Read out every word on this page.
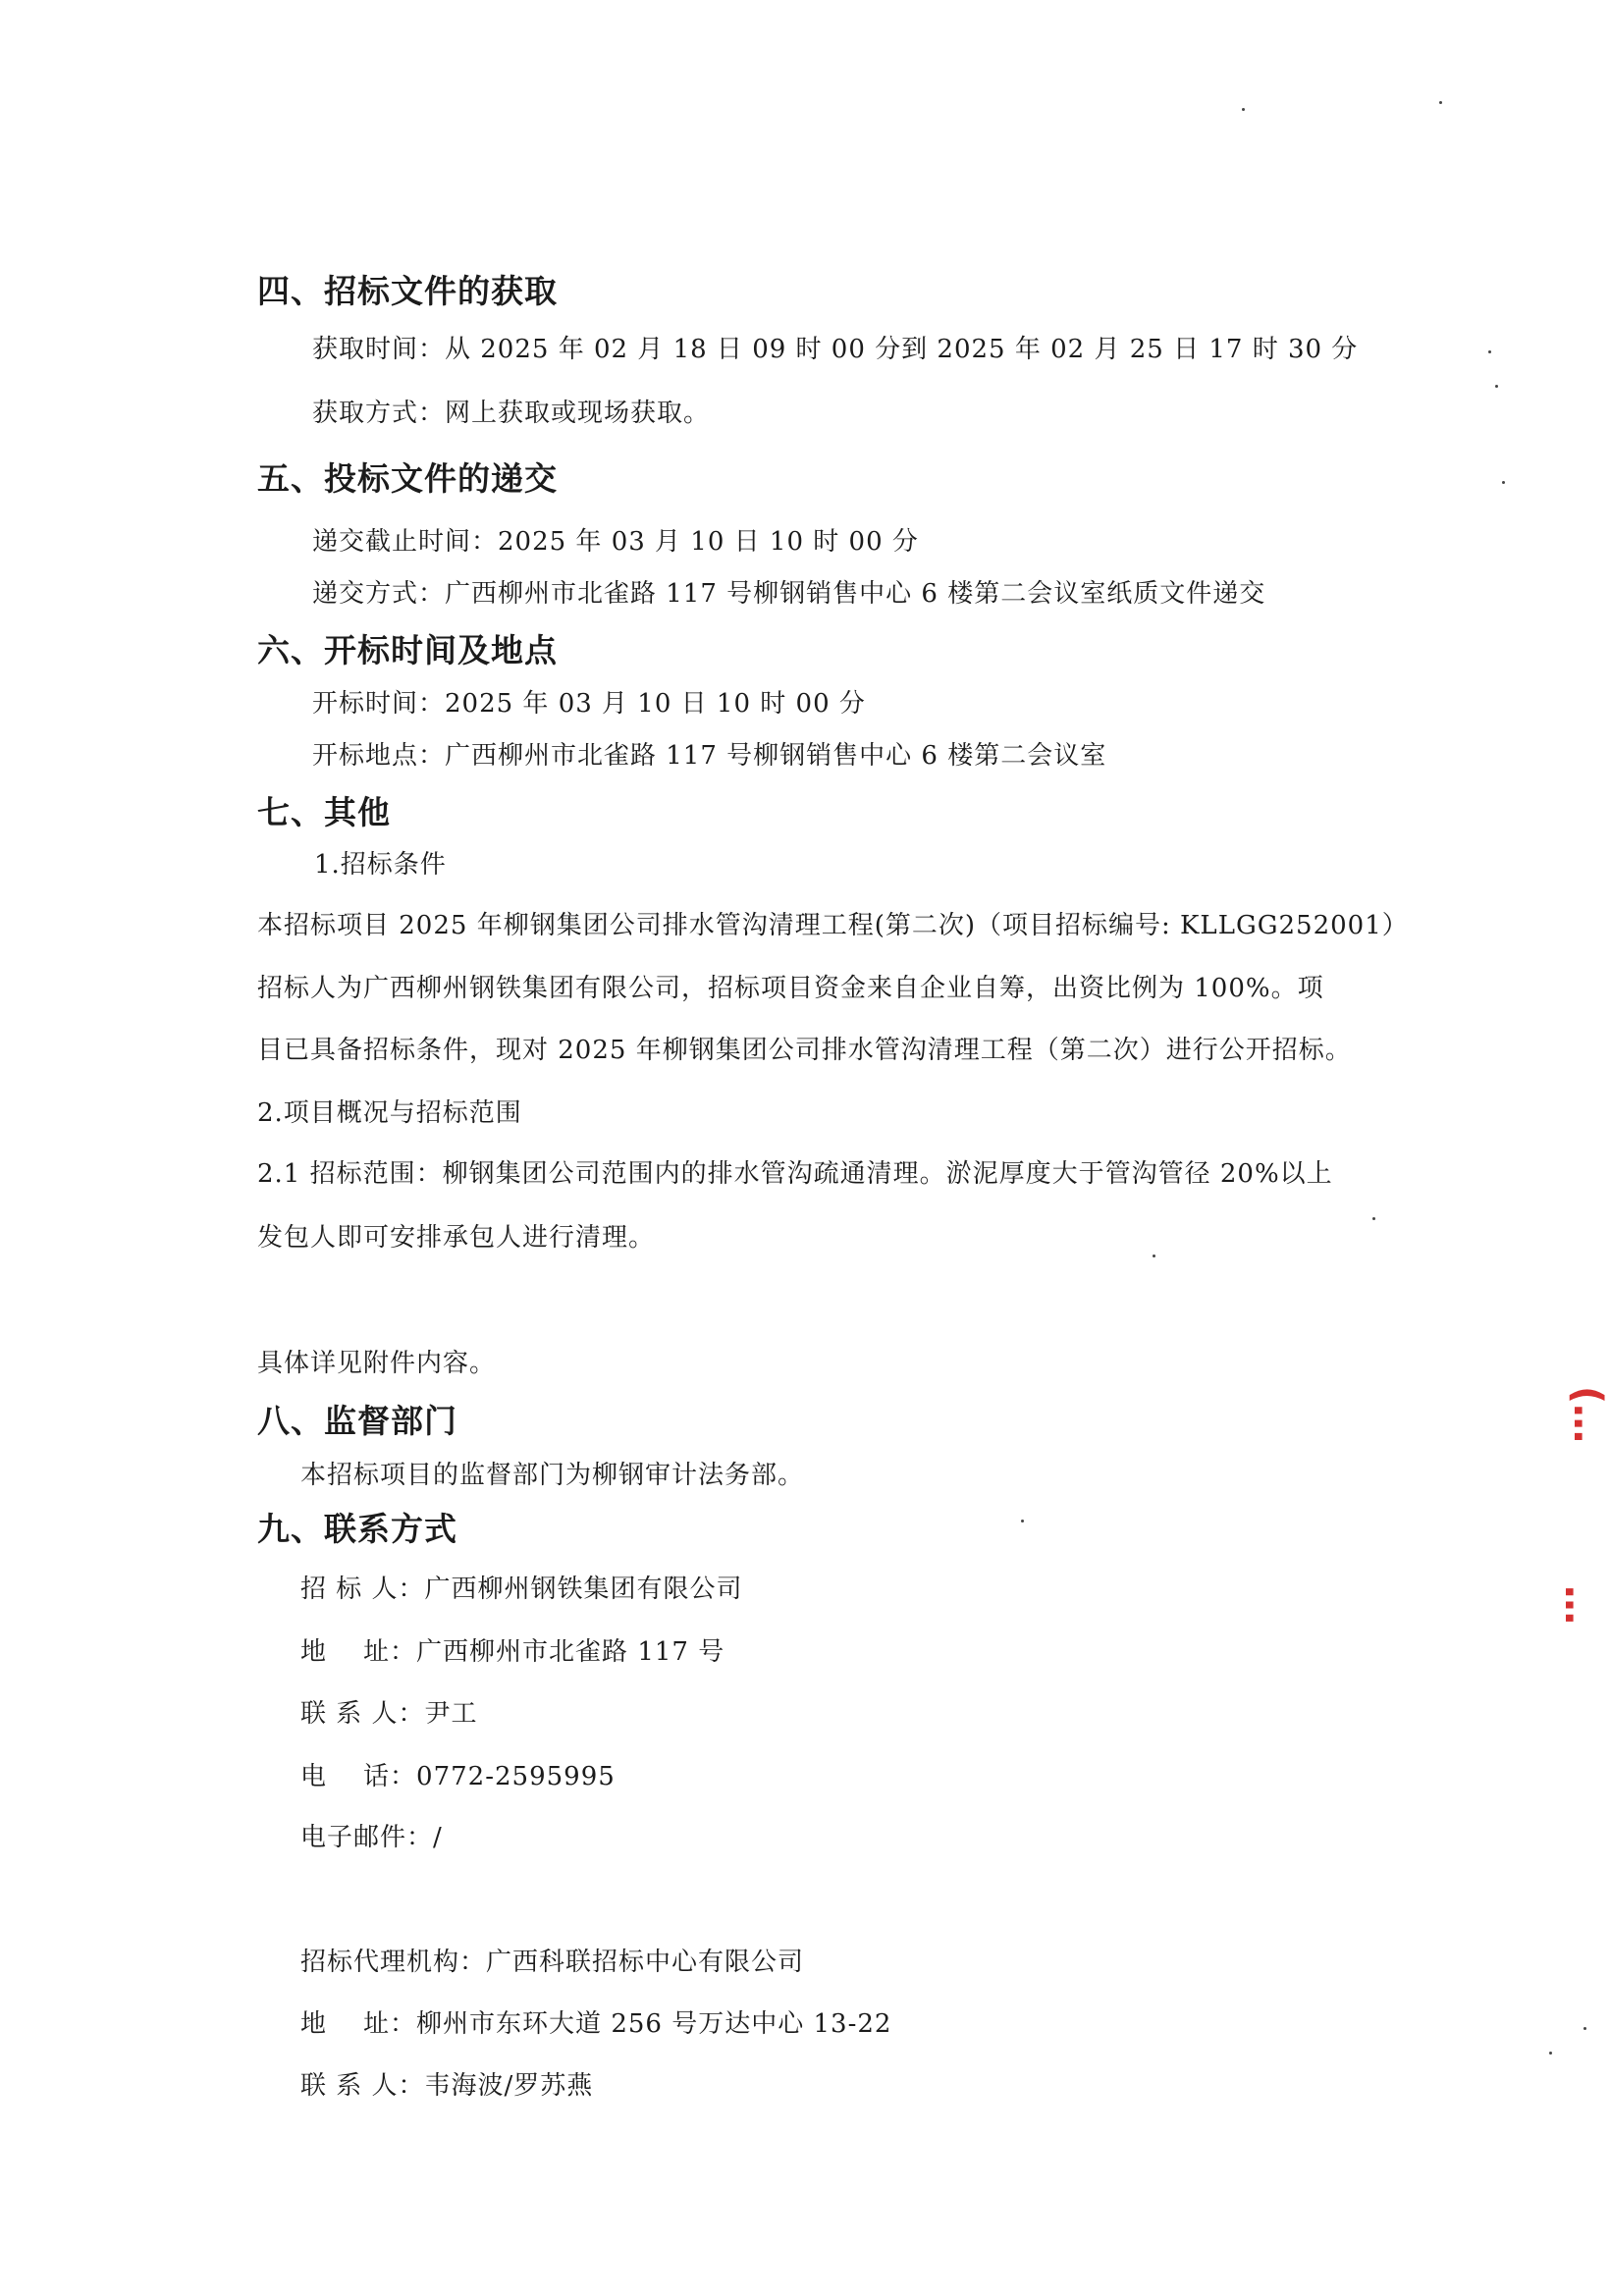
四、招标文件的获取
获取时间：从 2025 年 02 月 18 日 09 时 00 分到 2025 年 02 月 25 日 17 时 30 分
获取方式：网上获取或现场获取。
五、投标文件的递交
递交截止时间：2025 年 03 月 10 日 10 时 00 分
递交方式：广西柳州市北雀路 117 号柳钢销售中心 6 楼第二会议室纸质文件递交
六、开标时间及地点
开标时间：2025 年 03 月 10 日 10 时 00 分
开标地点：广西柳州市北雀路 117 号柳钢销售中心 6 楼第二会议室
七、其他
1.招标条件
本招标项目 2025 年柳钢集团公司排水管沟清理工程(第二次)（项目招标编号: KLLGG252001）
招标人为广西柳州钢铁集团有限公司，招标项目资金来自企业自筹，出资比例为 100%。项
目已具备招标条件，现对 2025 年柳钢集团公司排水管沟清理工程（第二次）进行公开招标。
2.项目概况与招标范围
2.1 招标范围：柳钢集团公司范围内的排水管沟疏通清理。淤泥厚度大于管沟管径 20%以上
发包人即可安排承包人进行清理。
具体详见附件内容。
八、监督部门
本招标项目的监督部门为柳钢审计法务部。
九、联系方式
招 标 人：广西柳州钢铁集团有限公司
地    址：广西柳州市北雀路 117 号
联 系 人：尹工
电    话：0772-2595995
电子邮件：/
招标代理机构：广西科联招标中心有限公司
地    址：柳州市东环大道 256 号万达中心 13-22
联 系 人：韦海波/罗苏燕
(…
…
